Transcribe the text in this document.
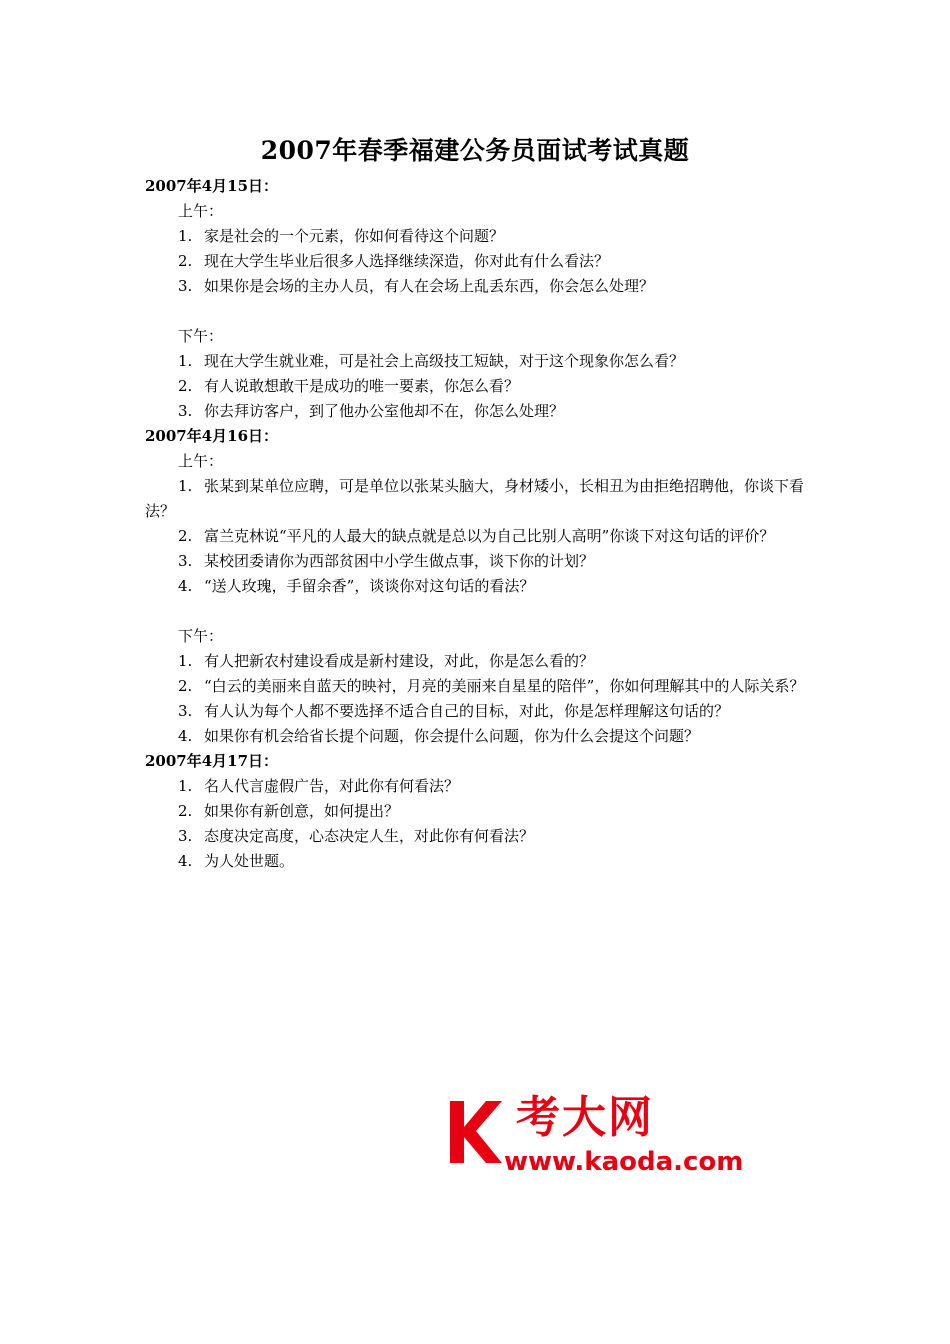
2007年春季福建公务员面试考试真题
2007年4月15日：
上午：
1. 家是社会的一个元素，你如何看待这个问题？
2. 现在大学生毕业后很多人选择继续深造，你对此有什么看法？
3. 如果你是会场的主办人员，有人在会场上乱丢东西，你会怎么处理？
下午：
1. 现在大学生就业难，可是社会上高级技工短缺，对于这个现象你怎么看？
2. 有人说敢想敢干是成功的唯一要素，你怎么看？
3. 你去拜访客户，到了他办公室他却不在，你怎么处理？
2007年4月16日：
上午：
1. 张某到某单位应聘，可是单位以张某头脑大，身材矮小，长相丑为由拒绝招聘他，你谈下看法？
2. 富兰克林说“平凡的人最大的缺点就是总以为自己比别人高明”你谈下对这句话的评价？
3. 某校团委请你为西部贫困中小学生做点事，谈下你的计划？
4. “送人玫瑰，手留余香”，谈谈你对这句话的看法？
下午：
1. 有人把新农村建设看成是新村建设，对此，你是怎么看的？
2. “白云的美丽来自蓝天的映衬，月亮的美丽来自星星的陪伴”，你如何理解其中的人际关系？
3. 有人认为每个人都不要选择不适合自己的目标，对此，你是怎样理解这句话的？
4. 如果你有机会给省长提个问题，你会提什么问题，你为什么会提这个问题？
2007年4月17日：
1. 名人代言虚假广告，对此你有何看法？
2. 如果你有新创意，如何提出？
3. 态度决定高度，心态决定人生，对此你有何看法？
4. 为人处世题。
考大网
www.kaoda.com
